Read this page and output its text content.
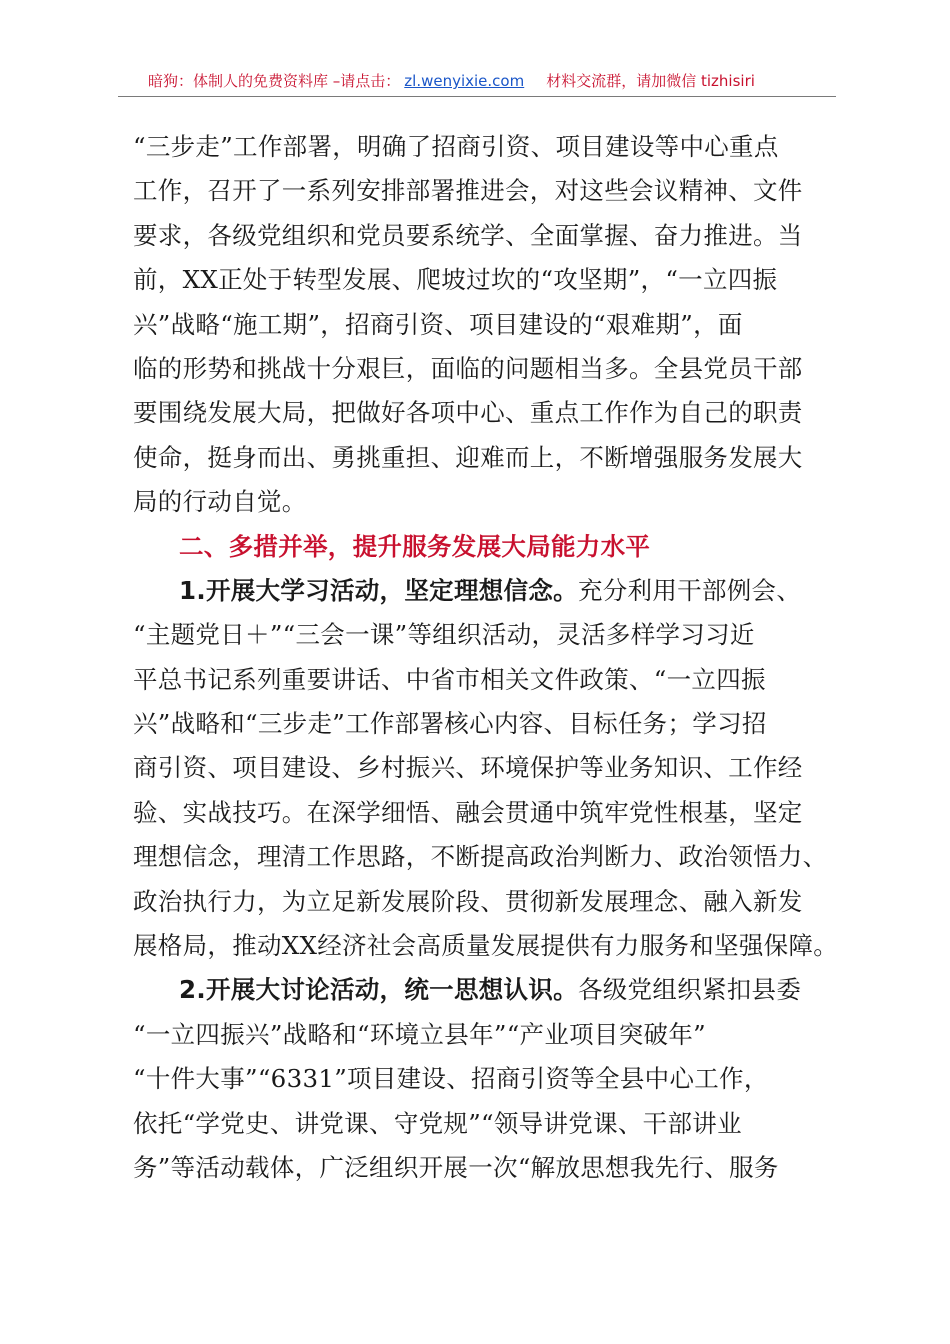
暗狗：体制人的免费资料库 –请点击： zl.wenyixie.com 材料交流群，请加微信 tizhisiri
“三步走”工作部署，明确了招商引资、项目建设等中心重点
工作，召开了一系列安排部署推进会，对这些会议精神、文件
要求，各级党组织和党员要系统学、全面掌握、奋力推进。当
前，XX正处于转型发展、爬坡过坎的“攻坚期”，“一立四振
兴”战略“施工期”，招商引资、项目建设的“艰难期”，面
临的形势和挑战十分艰巨，面临的问题相当多。全县党员干部
要围绕发展大局，把做好各项中心、重点工作作为自己的职责
使命，挺身而出、勇挑重担、迎难而上，不断增强服务发展大
局的行动自觉。
二、多措并举，提升服务发展大局能力水平
1.开展大学习活动，坚定理想信念。充分利用干部例会、
“主题党日＋”“三会一课”等组织活动，灵活多样学习习近
平总书记系列重要讲话、中省市相关文件政策、“一立四振
兴”战略和“三步走”工作部署核心内容、目标任务；学习招
商引资、项目建设、乡村振兴、环境保护等业务知识、工作经
验、实战技巧。在深学细悟、融会贯通中筑牢党性根基，坚定
理想信念，理清工作思路，不断提高政治判断力、政治领悟力、
政治执行力，为立足新发展阶段、贯彻新发展理念、融入新发
展格局，推动XX经济社会高质量发展提供有力服务和坚强保障。
2.开展大讨论活动，统一思想认识。各级党组织紧扣县委
“一立四振兴”战略和“环境立县年”“产业项目突破年”
“十件大事”“6331”项目建设、招商引资等全县中心工作，
依托“学党史、讲党课、守党规”“领导讲党课、干部讲业
务”等活动载体，广泛组织开展一次“解放思想我先行、服务
